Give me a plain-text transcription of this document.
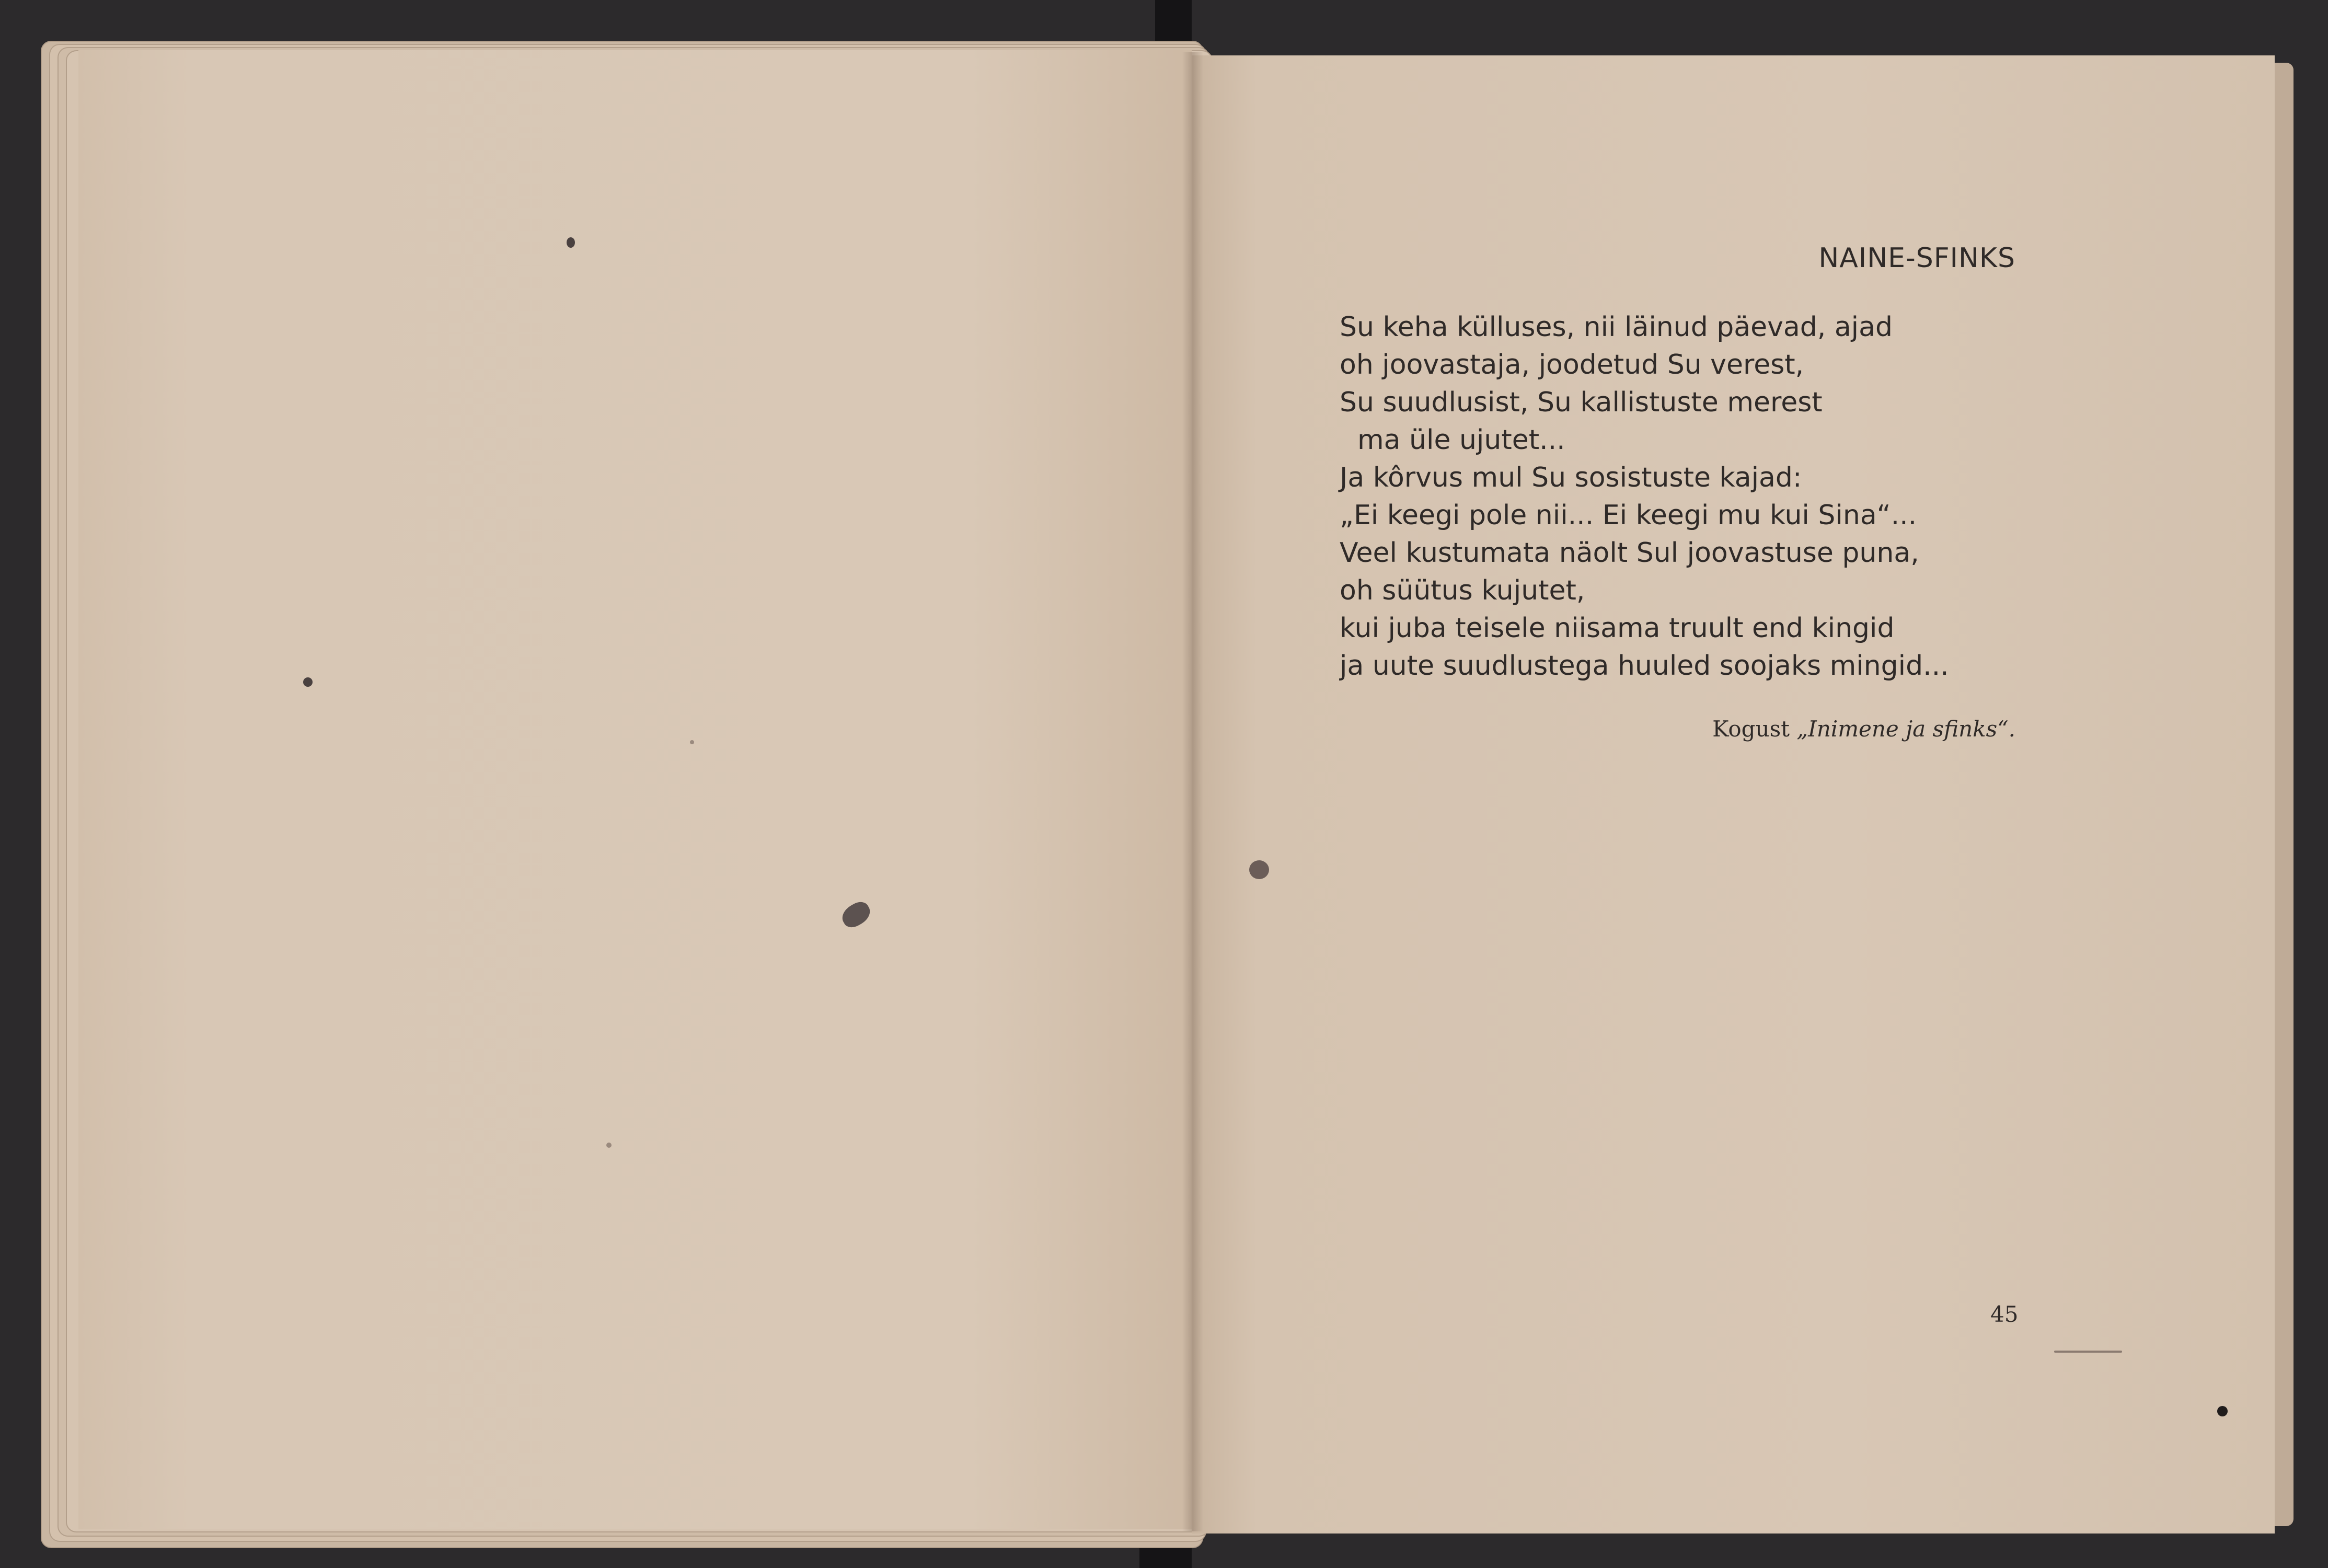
NAINE-SFINKS
Su keha külluses, nii läinud päevad, ajad
oh joovastaja, joodetud Su verest,
Su suudlusist, Su kallistuste merest
ma üle ujutet...
Ja kôrvus mul Su sosistuste kajad:
„Ei keegi pole nii... Ei keegi mu kui Sina“...
Veel kustumata näolt Sul joovastuse puna,
oh süütus kujutet,
kui juba teisele niisama truult end kingid
ja uute suudlustega huuled soojaks mingid...
Kogust „Inimene ja sfinks“.
45
